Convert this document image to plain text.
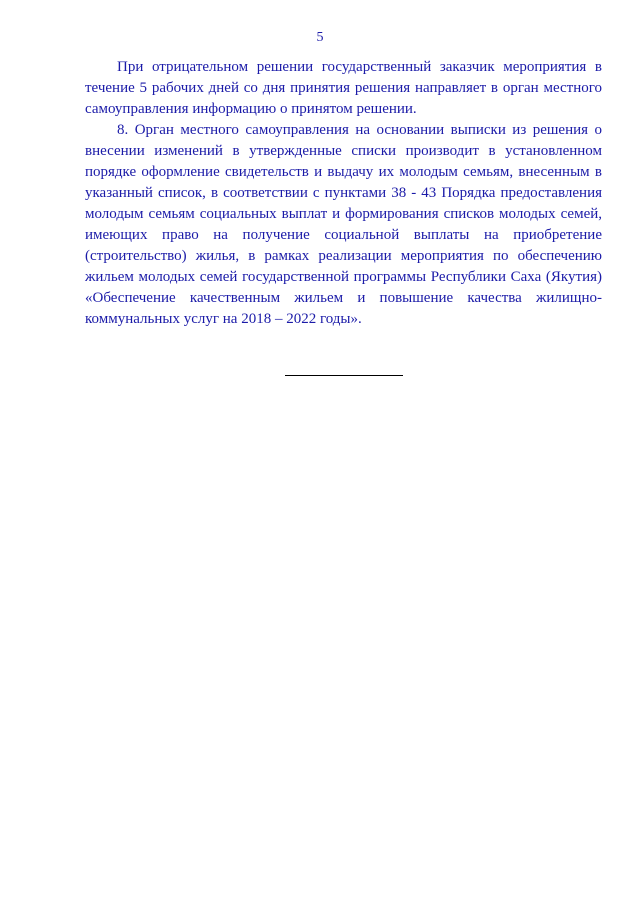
5

При отрицательном решении государственный заказчик мероприятия в течение 5 рабочих дней со дня принятия решения направляет в орган местного самоуправления информацию о принятом решении.

8. Орган местного самоуправления на основании выписки из решения о внесении изменений в утвержденные списки производит в установленном порядке оформление свидетельств и выдачу их молодым семьям, внесенным в указанный список, в соответствии с пунктами 38 - 43 Порядка предоставления молодым семьям социальных выплат и формирования списков молодых семей, имеющих право на получение социальной выплаты на приобретение (строительство) жилья, в рамках реализации мероприятия по обеспечению жильем молодых семей государственной программы Республики Саха (Якутия) «Обеспечение качественным жильем и повышение качества жилищно-коммунальных услуг на 2018 – 2022 годы».
